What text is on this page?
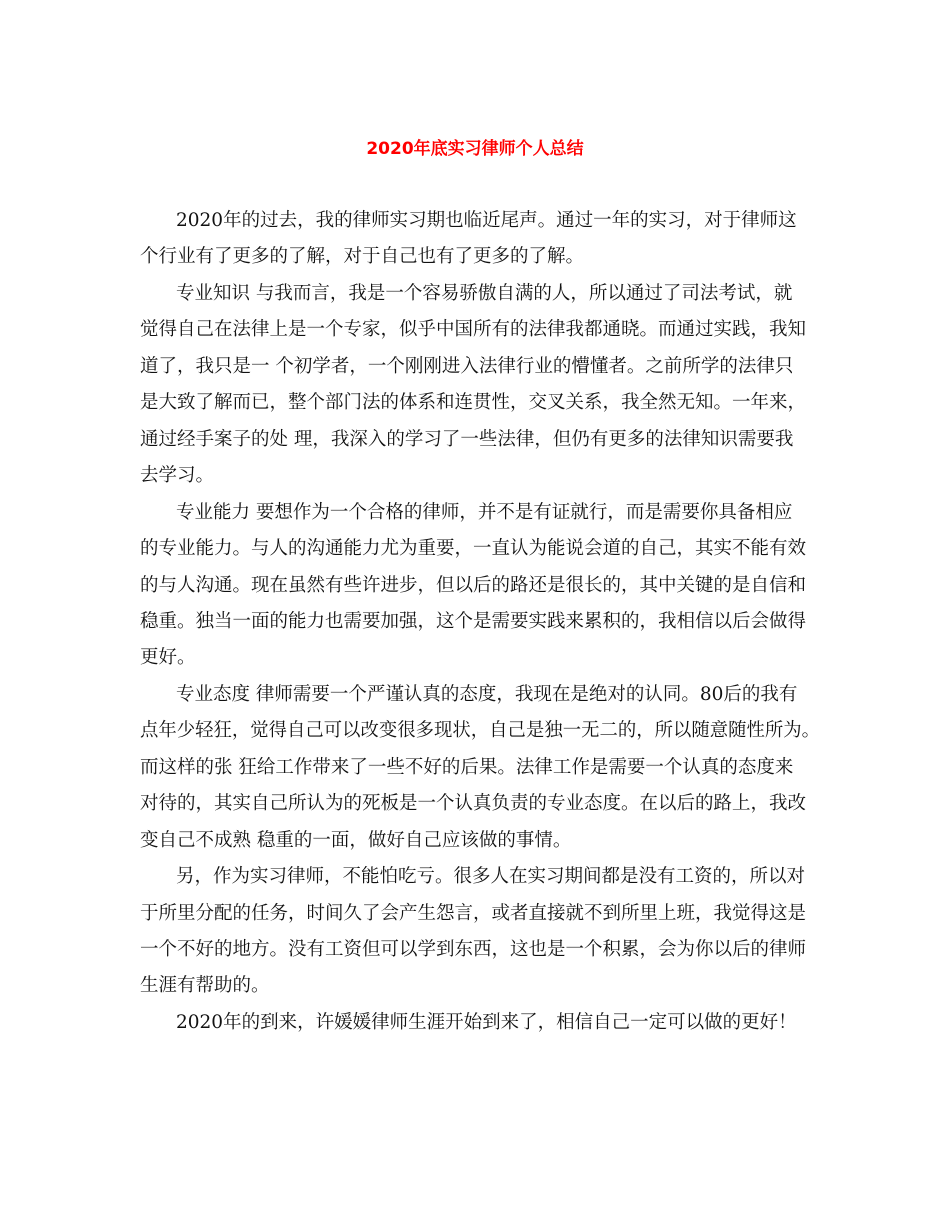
2020年底实习律师个人总结

2020年的过去，我的律师实习期也临近尾声。通过一年的实习，对于律师这

个行业有了更多的了解，对于自己也有了更多的了解。

专业知识 与我而言，我是一个容易骄傲自满的人，所以通过了司法考试，就

觉得自己在法律上是一个专家，似乎中国所有的法律我都通晓。而通过实践，我知

道了，我只是一 个初学者，一个刚刚进入法律行业的懵懂者。之前所学的法律只

是大致了解而已，整个部门法的体系和连贯性，交叉关系，我全然无知。一年来，

通过经手案子的处 理，我深入的学习了一些法律，但仍有更多的法律知识需要我

去学习。

专业能力 要想作为一个合格的律师，并不是有证就行，而是需要你具备相应

的专业能力。与人的沟通能力尤为重要，一直认为能说会道的自己，其实不能有效

的与人沟通。现在虽然有些许进步，但以后的路还是很长的，其中关键的是自信和

稳重。独当一面的能力也需要加强，这个是需要实践来累积的，我相信以后会做得

更好。

专业态度 律师需要一个严谨认真的态度，我现在是绝对的认同。80后的我有

点年少轻狂，觉得自己可以改变很多现状，自己是独一无二的，所以随意随性所为。

而这样的张 狂给工作带来了一些不好的后果。法律工作是需要一个认真的态度来

对待的，其实自己所认为的死板是一个认真负责的专业态度。在以后的路上，我改

变自己不成熟 稳重的一面，做好自己应该做的事情。

另，作为实习律师，不能怕吃亏。很多人在实习期间都是没有工资的，所以对

于所里分配的任务，时间久了会产生怨言，或者直接就不到所里上班，我觉得这是

一个不好的地方。没有工资但可以学到东西，这也是一个积累，会为你以后的律师

生涯有帮助的。

2020年的到来，许媛媛律师生涯开始到来了，相信自己一定可以做的更好！
